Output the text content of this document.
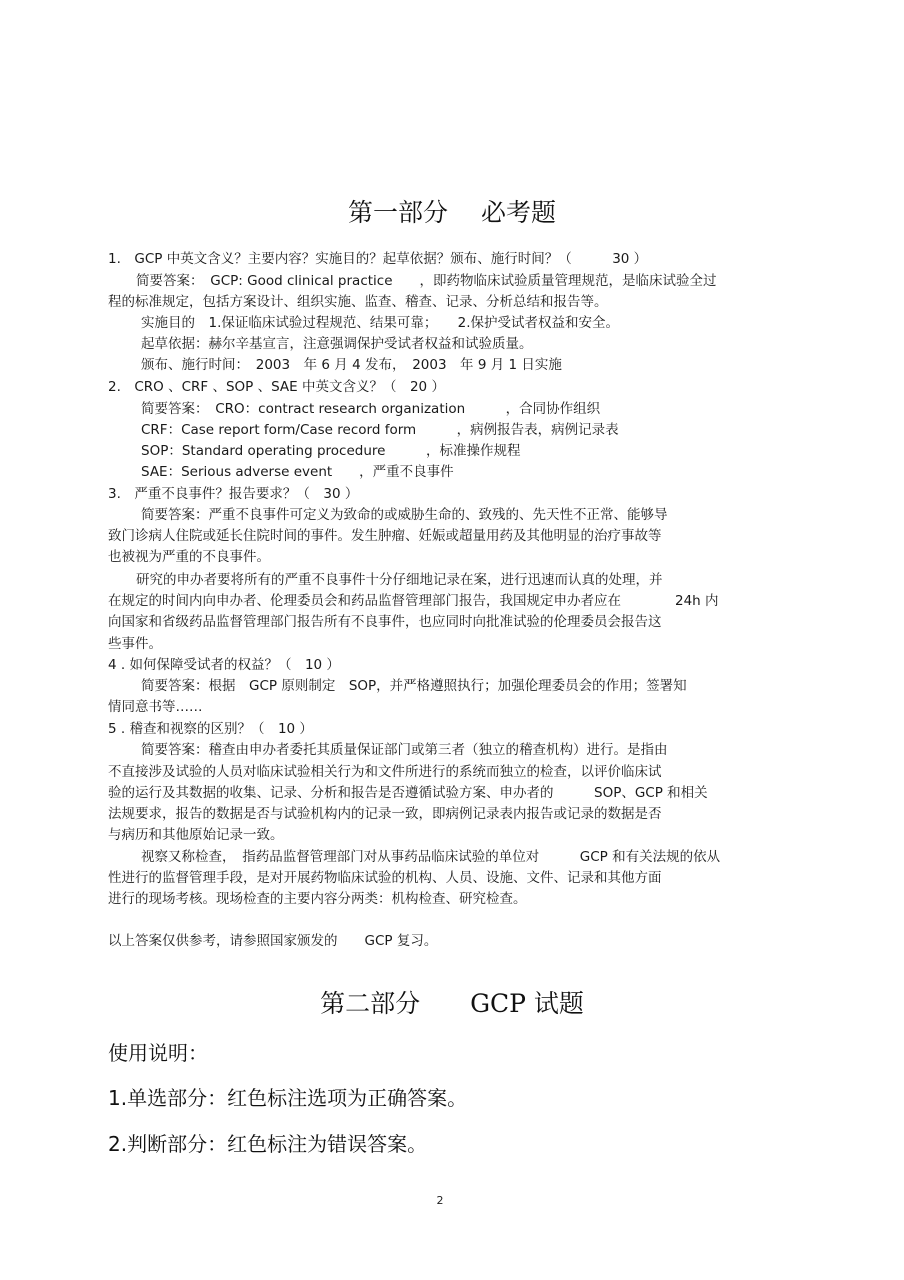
第一部分　 必考题
1.　GCP 中英文含义？主要内容？实施目的？起草依据？颁布、施行时间？（　　　30 ）
简要答案：　GCP: Good clinical practice　　，即药物临床试验质量管理规范，是临床试验全过
程的标准规定，包括方案设计、组织实施、监查、稽查、记录、分析总结和报告等。
实施目的　1.保证临床试验过程规范、结果可靠；　　2.保护受试者权益和安全。
起草依据：赫尔辛基宣言，注意强调保护受试者权益和试验质量。
颁布、施行时间：　2003　年 6 月 4 发布，　2003　年 9 月 1 日实施
2.　CRO 、CRF 、SOP 、SAE 中英文含义？（　20 ）
简要答案：　CRO：contract research organization　　　，合同协作组织
CRF：Case report form/Case record form　　　，病例报告表，病例记录表
SOP：Standard operating procedure　　　，标准操作规程
SAE：Serious adverse event　　，严重不良事件
3.　严重不良事件？报告要求？（　30 ）
简要答案：严重不良事件可定义为致命的或威胁生命的、致残的、先天性不正常、能够导
致门诊病人住院或延长住院时间的事件。发生肿瘤、妊娠或超量用药及其他明显的治疗事故等
也被视为严重的不良事件。
研究的申办者要将所有的严重不良事件十分仔细地记录在案，进行迅速而认真的处理，并
在规定的时间内向申办者、伦理委员会和药品监督管理部门报告，我国规定申办者应在　　　　24h 内
向国家和省级药品监督管理部门报告所有不良事件，也应同时向批准试验的伦理委员会报告这
些事件。
4 . 如何保障受试者的权益？（　10 ）
简要答案：根据　GCP 原则制定　SOP，并严格遵照执行；加强伦理委员会的作用；签署知
情同意书等……
5 . 稽查和视察的区别？（　10 ）
简要答案：稽查由申办者委托其质量保证部门或第三者（独立的稽查机构）进行。是指由
不直接涉及试验的人员对临床试验相关行为和文件所进行的系统而独立的检查，以评价临床试
验的运行及其数据的收集、记录、分析和报告是否遵循试验方案、申办者的　　　SOP、GCP 和相关
法规要求，报告的数据是否与试验机构内的记录一致，即病例记录表内报告或记录的数据是否
与病历和其他原始记录一致。
视察又称检查，　指药品监督管理部门对从事药品临床试验的单位对　　　GCP 和有关法规的依从
性进行的监督管理手段，是对开展药物临床试验的机构、人员、设施、文件、记录和其他方面
进行的现场考核。现场检查的主要内容分两类：机构检查、研究检查。
以上答案仅供参考，请参照国家颁发的　　GCP 复习。
第二部分　　GCP 试题
使用说明：
1.单选部分：红色标注选项为正确答案。
2.判断部分：红色标注为错误答案。
2
